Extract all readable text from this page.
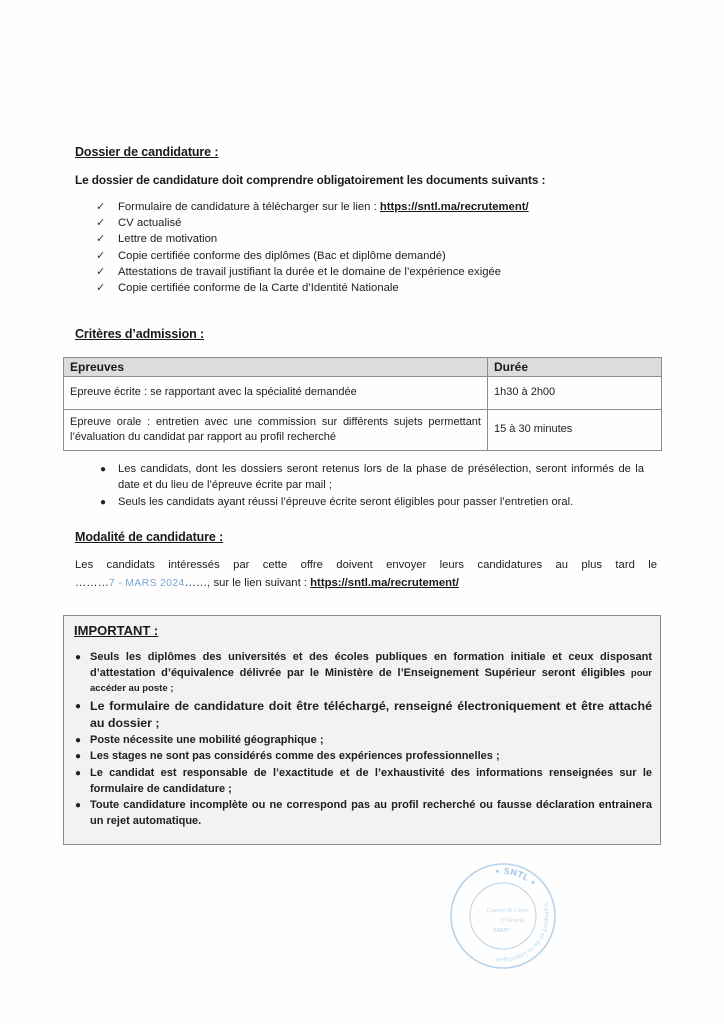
Dossier de candidature :
Le dossier de candidature doit comprendre obligatoirement les documents suivants :
✓ Formulaire de candidature à télécharger sur le lien : https://sntl.ma/recrutement/
✓ CV actualisé
✓ Lettre de motivation
✓ Copie certifiée conforme des diplômes (Bac et diplôme demandé)
✓ Attestations de travail justifiant la durée et le domaine de l’expérience exigée
✓ Copie certifiée conforme de la Carte d’Identité Nationale
Critères d’admission :
Epreuves	Durée
Epreuve écrite : se rapportant avec la spécialité demandée	1h30 à 2h00
Epreuve orale : entretien avec une commission sur différents sujets permettant l’évaluation du candidat par rapport au profil recherché	15 à 30 minutes
● Les candidats, dont les dossiers seront retenus lors de la phase de présélection, seront informés de la date et du lieu de l’épreuve écrite par mail ;
● Seuls les candidats ayant réussi l’épreuve écrite seront éligibles pour passer l’entretien oral.
Modalité de candidature :
Les candidats intéressés par cette offre doivent envoyer leurs candidatures au plus tard le
………7 - MARS 2024……, sur le lien suivant : https://sntl.ma/recrutement/
IMPORTANT :
● Seuls les diplômes des universités et des écoles publiques en formation initiale et ceux disposant d’attestation d’équivalence délivrée par le Ministère de l’Enseignement Supérieur seront éligibles pour accéder au poste ;
● Le formulaire de candidature doit être téléchargé, renseigné électroniquement et être attaché au dossier ;
● Poste nécessite une mobilité géographique ;
● Les stages ne sont pas considérés comme des expériences professionnelles ;
● Le candidat est responsable de l’exactitude et de l’exhaustivité des informations renseignées sur le formulaire de candidature ;
● Toute candidature incomplète ou ne correspond pas au profil recherché ou fausse déclaration entrainera un rejet automatique.
• SNTL •
Transport et de la Logistique
Chemin Al Cortis
El Ghezal
RABAT
